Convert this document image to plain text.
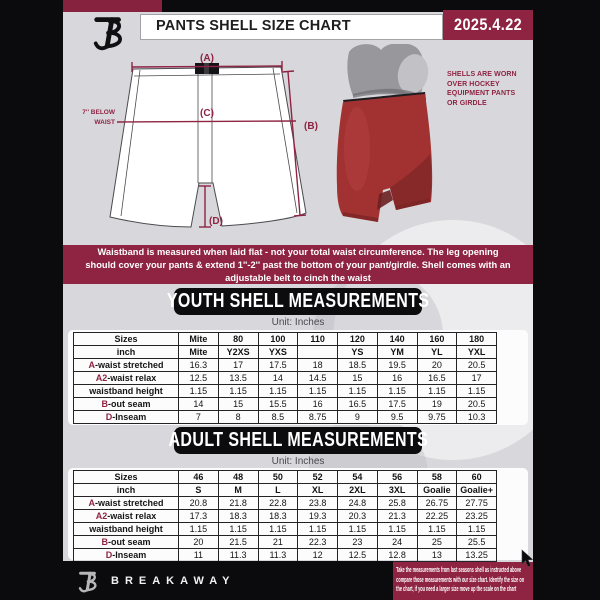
PANTS SHELL SIZE CHART	2025.4.22
(A)
(C)
(B)
(D)
7'' BELOW
WAIST
SHELLS ARE WORN OVER HOCKEY EQUIPMENT PANTS OR GIRDLE
Waistband is measured when laid flat - not your total waist circumference. The leg opening should cover your pants & extend 1''-2'' past the bottom of your pant/girdle. Shell comes with an adjustable belt to cinch the waist
YOUTH SHELL MEASUREMENTS
Unit: Inches
Sizes	Mite	80	100	110	120	140	160	180
inch	Mite	Y2XS	YXS		YS	YM	YL	YXL
A-waist stretched	16.3	17	17.5	18	18.5	19.5	20	20.5
A2-waist relax	12.5	13.5	14	14.5	15	16	16.5	17
waistband height	1.15	1.15	1.15	1.15	1.15	1.15	1.15	1.15
B-out seam	14	15	15.5	16	16.5	17.5	19	20.5
D-Inseam	7	8	8.5	8.75	9	9.5	9.75	10.3
ADULT SHELL MEASUREMENTS
Unit: Inches
Sizes	46	48	50	52	54	56	58	60
inch	S	M	L	XL	2XL	3XL	Goalie	Goalie+
A-waist stretched	20.8	21.8	22.8	23.8	24.8	25.8	26.75	27.75
A2-waist relax	17.3	18.3	18.3	19.3	20.3	21.3	22.25	23.25
waistband height	1.15	1.15	1.15	1.15	1.15	1.15	1.15	1.15
B-out seam	20	21.5	21	22.3	23	24	25	25.5
D-Inseam	11	11.3	11.3	12	12.5	12.8	13	13.25
BREAKAWAY
Take the measurements from last seasons shell as instructed above compare those measurements with our size chart. Identify the size on the chart, if you need a larger size move up the scale on the chart
